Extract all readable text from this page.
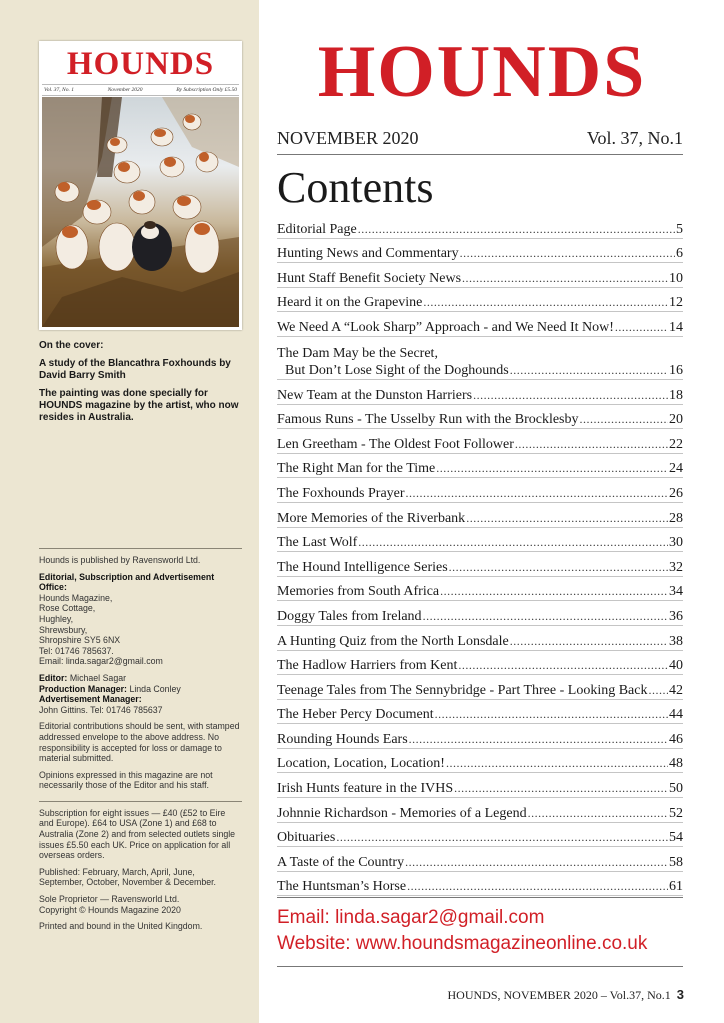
HOUNDS
Vol. 37, No. 1	November 2020	By Subscription Only £5.50

On the cover:

A study of the Blancathra Foxhounds by David Barry Smith

The painting was done specially for HOUNDS magazine by the artist, who now resides in Australia.

Hounds is published by Ravensworld Ltd.

Editorial, Subscription and Advertisement Office:
Hounds Magazine,
Rose Cottage,
Hughley,
Shrewsbury,
Shropshire SY5 6NX
Tel: 01746 785637.
Email: linda.sagar2@gmail.com

Editor: Michael Sagar
Production Manager: Linda Conley
Advertisement Manager:
John Gittins. Tel: 01746 785637

Editorial contributions should be sent, with stamped addressed envelope to the above address. No responsibility is accepted for loss or damage to material submitted.

Opinions expressed in this magazine are not necessarily those of the Editor and his staff.

Subscription for eight issues — £40 (£52 to Eire and Europe). £64 to USA (Zone 1) and £68 to Australia (Zone 2) and from selected outlets single issues £5.50 each UK. Price on application for all overseas orders.

Published: February, March, April, June, September, October, November & December.

Sole Proprietor — Ravensworld Ltd.

Copyright © Hounds Magazine 2020

Printed and bound in the United Kingdom.

HOUNDS
NOVEMBER 2020	Vol. 37, No.1
Contents
Editorial Page .....	5
Hunting News and Commentary .....	6
Hunt Staff Benefit Society News .....	10
Heard it on the Grapevine .....	12
We Need A “Look Sharp” Approach - and We Need It Now! .....	14
The Dam May be the Secret,
But Don’t Lose Sight of the Doghounds .....	16
New Team at the Dunston Harriers .....	18
Famous Runs - The Usselby Run with the Brocklesby .....	20
Len Greetham - The Oldest Foot Follower .....	22
The Right Man for the Time .....	24
The Foxhounds Prayer .....	26
More Memories of the Riverbank .....	28
The Last Wolf .....	30
The Hound Intelligence Series .....	32
Memories from South Africa .....	34
Doggy Tales from Ireland .....	36
A Hunting Quiz from the North Lonsdale .....	38
The Hadlow Harriers from Kent .....	40
Teenage Tales from The Sennybridge - Part Three - Looking Back ..... 42
The Heber Percy Document .....	44
Rounding Hounds Ears .....	46
Location, Location, Location! .....	48
Irish Hunts feature in the IVHS .....	50
Johnnie Richardson - Memories of a Legend .....	52
Obituaries .....	54
A Taste of the Country .....	58
The Huntsman’s Horse .....	61
Email: linda.sagar2@gmail.com
Website: www.houndsmagazineonline.co.uk
HOUNDS, NOVEMBER 2020 – Vol.37, No.1 3
